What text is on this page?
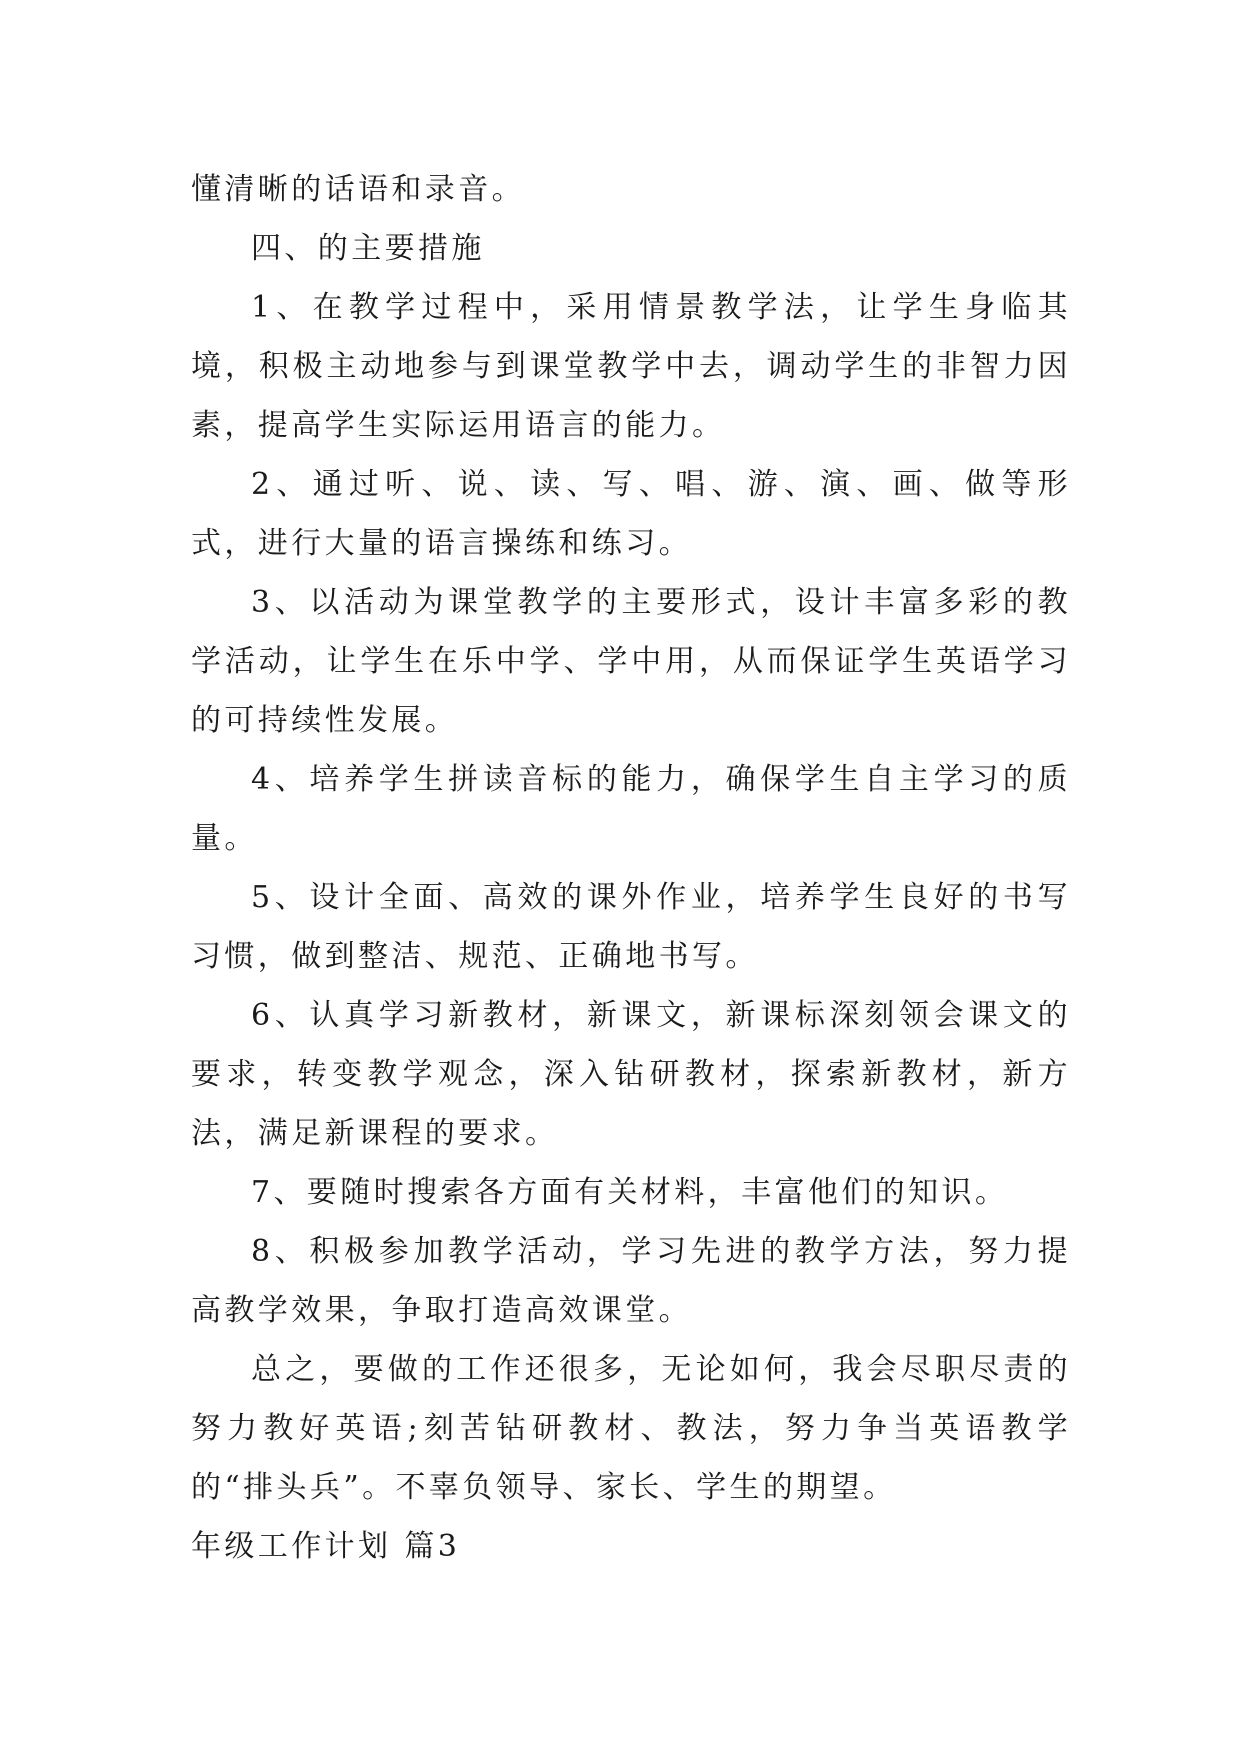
懂清晰的话语和录音。

四、的主要措施

1、在教学过程中，采用情景教学法，让学生身临其境，积极主动地参与到课堂教学中去，调动学生的非智力因素，提高学生实际运用语言的能力。

2、通过听、说、读、写、唱、游、演、画、做等形式，进行大量的语言操练和练习。

3、以活动为课堂教学的主要形式，设计丰富多彩的教学活动，让学生在乐中学、学中用，从而保证学生英语学习的可持续性发展。

4、培养学生拼读音标的能力，确保学生自主学习的质量。

5、设计全面、高效的课外作业，培养学生良好的书写习惯，做到整洁、规范、正确地书写。

6、认真学习新教材，新课文，新课标深刻领会课文的要求，转变教学观念，深入钻研教材，探索新教材，新方法，满足新课程的要求。

7、要随时搜索各方面有关材料，丰富他们的知识。

8、积极参加教学活动，学习先进的教学方法，努力提高教学效果，争取打造高效课堂。

总之，要做的工作还很多，无论如何，我会尽职尽责的努力教好英语;刻苦钻研教材、教法，努力争当英语教学的“排头兵”。不辜负领导、家长、学生的期望。

年级工作计划 篇3
